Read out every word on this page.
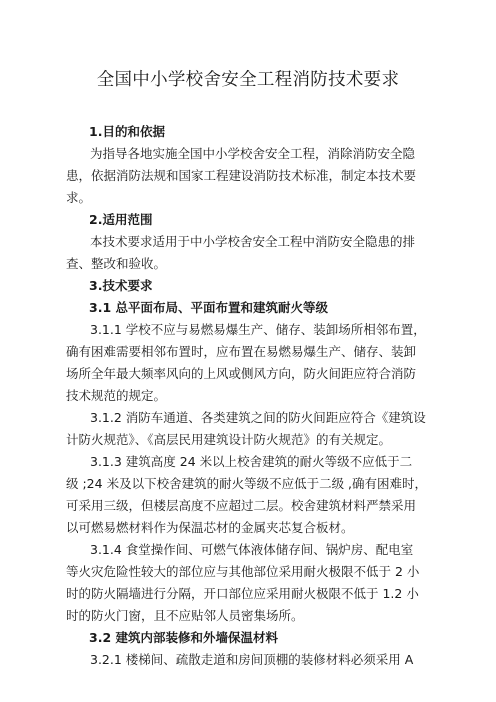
全国中小学校舍安全工程消防技术要求
1.目的和依据
为指导各地实施全国中小学校舍安全工程，消除消防安全隐
患，依据消防法规和国家工程建设消防技术标准，制定本技术要
求。
2.适用范围
本技术要求适用于中小学校舍安全工程中消防安全隐患的排
查、整改和验收。
3.技术要求
3.1 总平面布局、平面布置和建筑耐火等级
3.1.1 学校不应与易燃易爆生产、储存、装卸场所相邻布置，
确有困难需要相邻布置时，应布置在易燃易爆生产、储存、装卸
场所全年最大频率风向的上风或侧风方向，防火间距应符合消防
技术规范的规定。
3.1.2 消防车通道、各类建筑之间的防火间距应符合《建筑设
计防火规范》、《高层民用建筑设计防火规范》的有关规定。
3.1.3 建筑高度 24 米以上校舍建筑的耐火等级不应低于二
级 ;24 米及以下校舍建筑的耐火等级不应低于二级 ,确有困难时，
可采用三级，但楼层高度不应超过二层。校舍建筑材料严禁采用
以可燃易燃材料作为保温芯材的金属夹芯复合板材。
3.1.4 食堂操作间、可燃气体液体储存间、锅炉房、配电室
等火灾危险性较大的部位应与其他部位采用耐火极限不低于 2 小
时的防火隔墙进行分隔，开口部位应采用耐火极限不低于 1.2 小
时的防火门窗，且不应贴邻人员密集场所。
3.2 建筑内部装修和外墙保温材料
3.2.1 楼梯间、疏散走道和房间顶棚的装修材料必须采用 A
